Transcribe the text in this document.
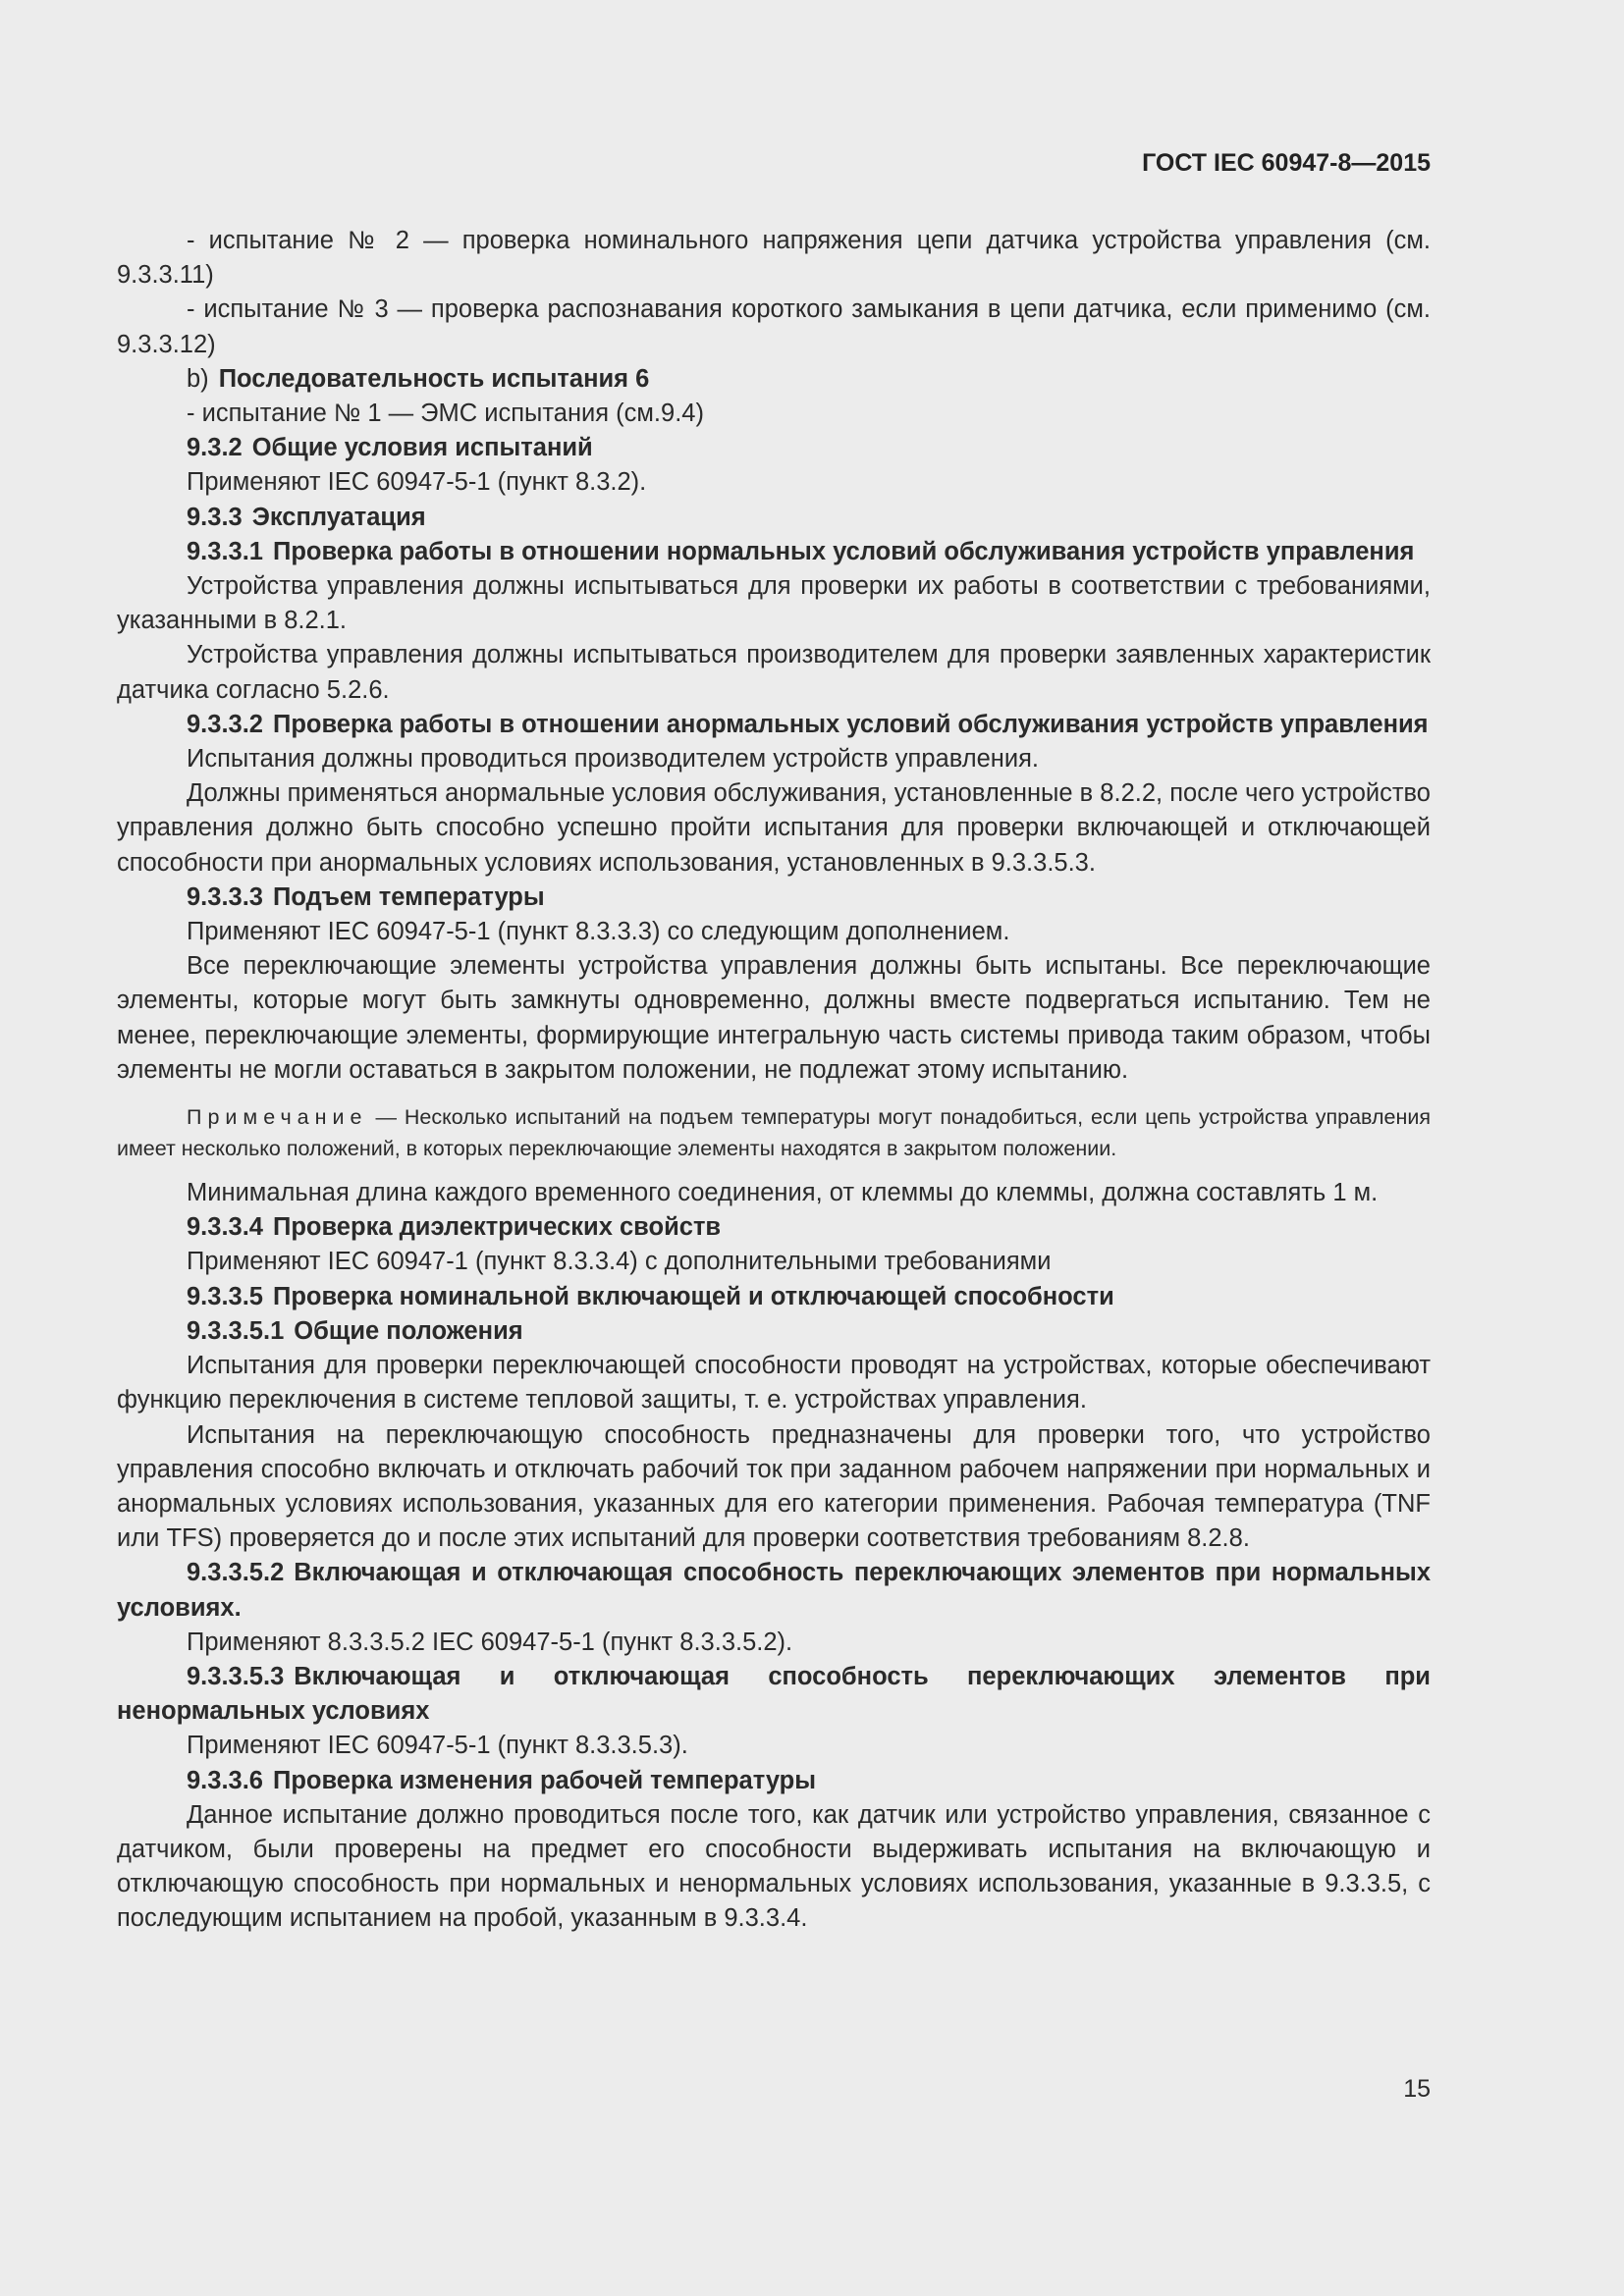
ГОСТ IEC 60947-8—2015

- испытание № 2 — проверка номинального напряжения цепи датчика устройства управления (см. 9.3.3.11)

- испытание № 3 — проверка распознавания короткого замыкания в цепи датчика, если применимо (см. 9.3.3.12)

b) Последовательность испытания 6

- испытание № 1 — ЭМС испытания (см.9.4)

9.3.2 Общие условия испытаний

Применяют IEC 60947-5-1 (пункт 8.3.2).

9.3.3 Эксплуатация

9.3.3.1 Проверка работы в отношении нормальных условий обслуживания устройств управления

Устройства управления должны испытываться для проверки их работы в соответствии с требованиями, указанными в 8.2.1.

Устройства управления должны испытываться производителем для проверки заявленных характеристик датчика согласно 5.2.6.

9.3.3.2 Проверка работы в отношении анормальных условий обслуживания устройств управления

Испытания должны проводиться производителем устройств управления.

Должны применяться анормальные условия обслуживания, установленные в 8.2.2, после чего устройство управления должно быть способно успешно пройти испытания для проверки включающей и отключающей способности при анормальных условиях использования, установленных в 9.3.3.5.3.

9.3.3.3 Подъем температуры

Применяют IEC 60947-5-1 (пункт 8.3.3.3) со следующим дополнением.

Все переключающие элементы устройства управления должны быть испытаны. Все переключающие элементы, которые могут быть замкнуты одновременно, должны вместе подвергаться испытанию. Тем не менее, переключающие элементы, формирующие интегральную часть системы привода таким образом, чтобы элементы не могли оставаться в закрытом положении, не подлежат этому испытанию.

Примечание — Несколько испытаний на подъем температуры могут понадобиться, если цепь устройства управления имеет несколько положений, в которых переключающие элементы находятся в закрытом положении.

Минимальная длина каждого временного соединения, от клеммы до клеммы, должна составлять 1 м.

9.3.3.4 Проверка диэлектрических свойств

Применяют IEC 60947-1 (пункт 8.3.3.4) с дополнительными требованиями

9.3.3.5 Проверка номинальной включающей и отключающей способности

9.3.3.5.1 Общие положения

Испытания для проверки переключающей способности проводят на устройствах, которые обеспечивают функцию переключения в системе тепловой защиты, т. е. устройствах управления.

Испытания на переключающую способность предназначены для проверки того, что устройство управления способно включать и отключать рабочий ток при заданном рабочем напряжении при нормальных и анормальных условиях использования, указанных для его категории применения. Рабочая температура (TNF или TFS) проверяется до и после этих испытаний для проверки соответствия требованиям 8.2.8.

9.3.3.5.2 Включающая и отключающая способность переключающих элементов при нормальных условиях.

Применяют 8.3.3.5.2 IEC 60947-5-1 (пункт 8.3.3.5.2).

9.3.3.5.3 Включающая и отключающая способность переключающих элементов при ненормальных условиях

Применяют IEC 60947-5-1 (пункт 8.3.3.5.3).

9.3.3.6 Проверка изменения рабочей температуры

Данное испытание должно проводиться после того, как датчик или устройство управления, связанное с датчиком, были проверены на предмет его способности выдерживать испытания на включающую и отключающую способность при нормальных и ненормальных условиях использования, указанные в 9.3.3.5, с последующим испытанием на пробой, указанным в 9.3.3.4.

15
